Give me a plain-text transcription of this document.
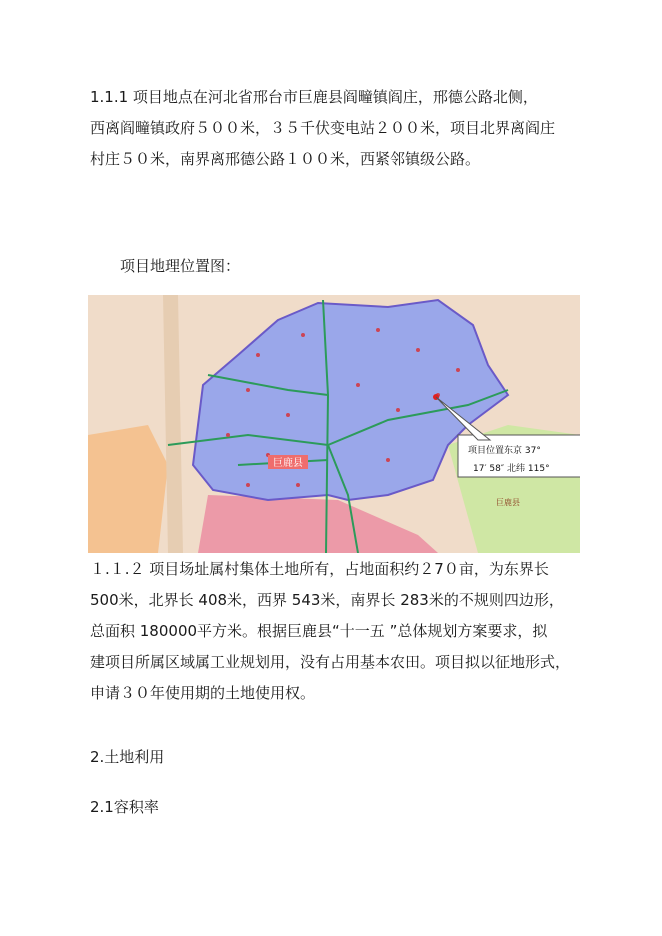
1.1.1 项目地点在河北省邢台市巨鹿县阎疃镇阎庄，邢德公路北侧，
西离阎疃镇政府５００米，３５千伏变电站２００米，项目北界离阎庄
村庄５０米，南界离邢德公路１００米，西紧邻镇级公路。
项目地理位置图：
巨鹿县
项目位置东京 37°
17′ 58″ 北纬 115°
巨鹿县
１.１.２ 项目场址属村集体土地所有，占地面积约２7０亩，为东界长
500米，北界长 408米，西界 543米，南界长 283米的不规则四边形，
总面积 180000平方米。根据巨鹿县“十一五 ”总体规划方案要求，拟
建项目所属区域属工业规划用，没有占用基本农田。项目拟以征地形式，
申请３０年使用期的土地使用权。
2.土地利用
2.1容积率
